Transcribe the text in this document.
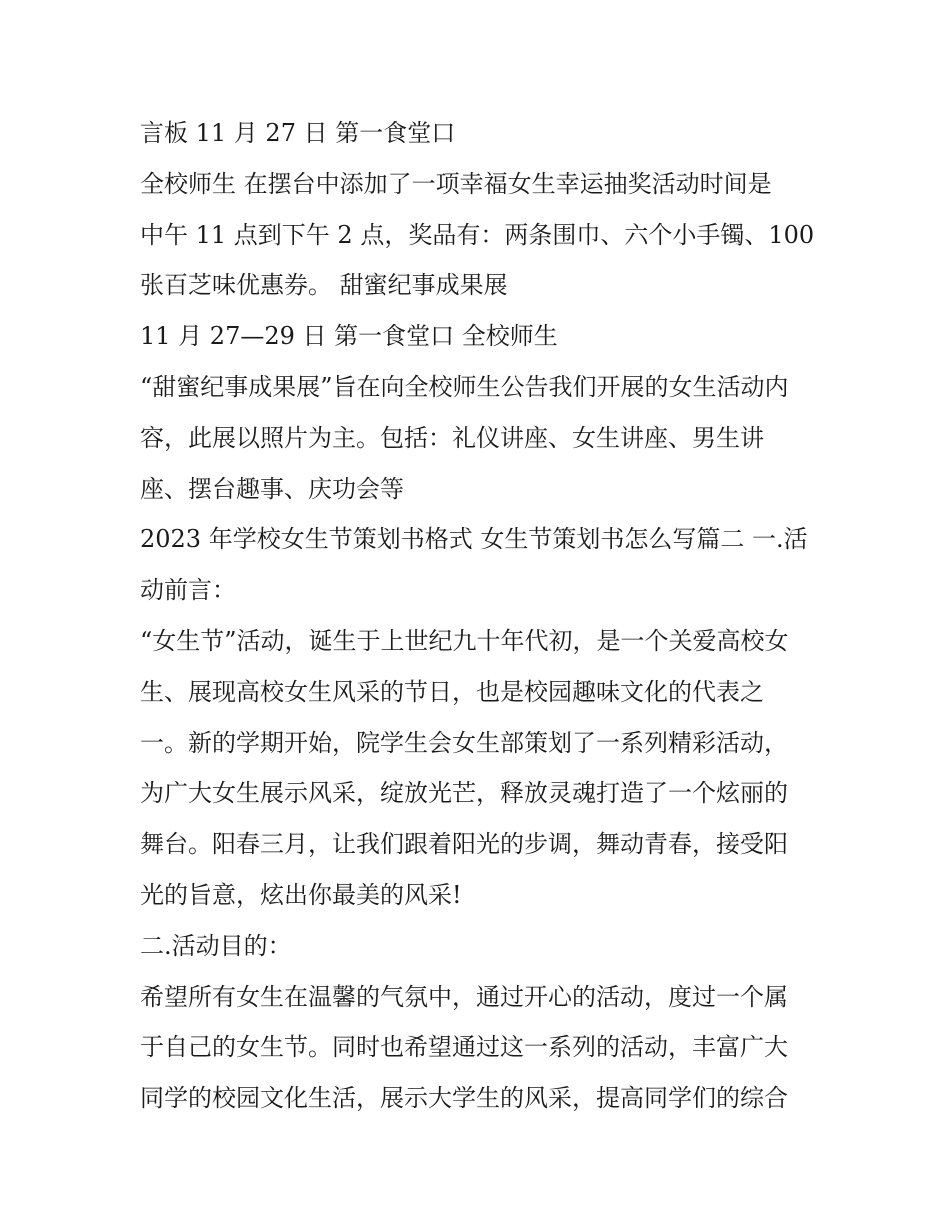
言板 11 月 27 日 第一食堂口
全校师生 在摆台中添加了一项幸福女生幸运抽奖活动时间是
中午 11 点到下午 2 点，奖品有：两条围巾、六个小手镯、100
张百芝味优惠券。 甜蜜纪事成果展
11 月 27—29 日 第一食堂口 全校师生
“甜蜜纪事成果展”旨在向全校师生公告我们开展的女生活动内
容，此展以照片为主。包括：礼仪讲座、女生讲座、男生讲
座、摆台趣事、庆功会等
2023 年学校女生节策划书格式 女生节策划书怎么写篇二 一.活
动前言：
“女生节”活动，诞生于上世纪九十年代初，是一个关爱高校女
生、展现高校女生风采的节日，也是校园趣味文化的代表之
一。新的学期开始，院学生会女生部策划了一系列精彩活动，
为广大女生展示风采，绽放光芒，释放灵魂打造了一个炫丽的
舞台。阳春三月，让我们跟着阳光的步调，舞动青春，接受阳
光的旨意，炫出你最美的风采!
二.活动目的：
希望所有女生在温馨的气氛中，通过开心的活动，度过一个属
于自己的女生节。同时也希望通过这一系列的活动，丰富广大
同学的校园文化生活，展示大学生的风采，提高同学们的综合
